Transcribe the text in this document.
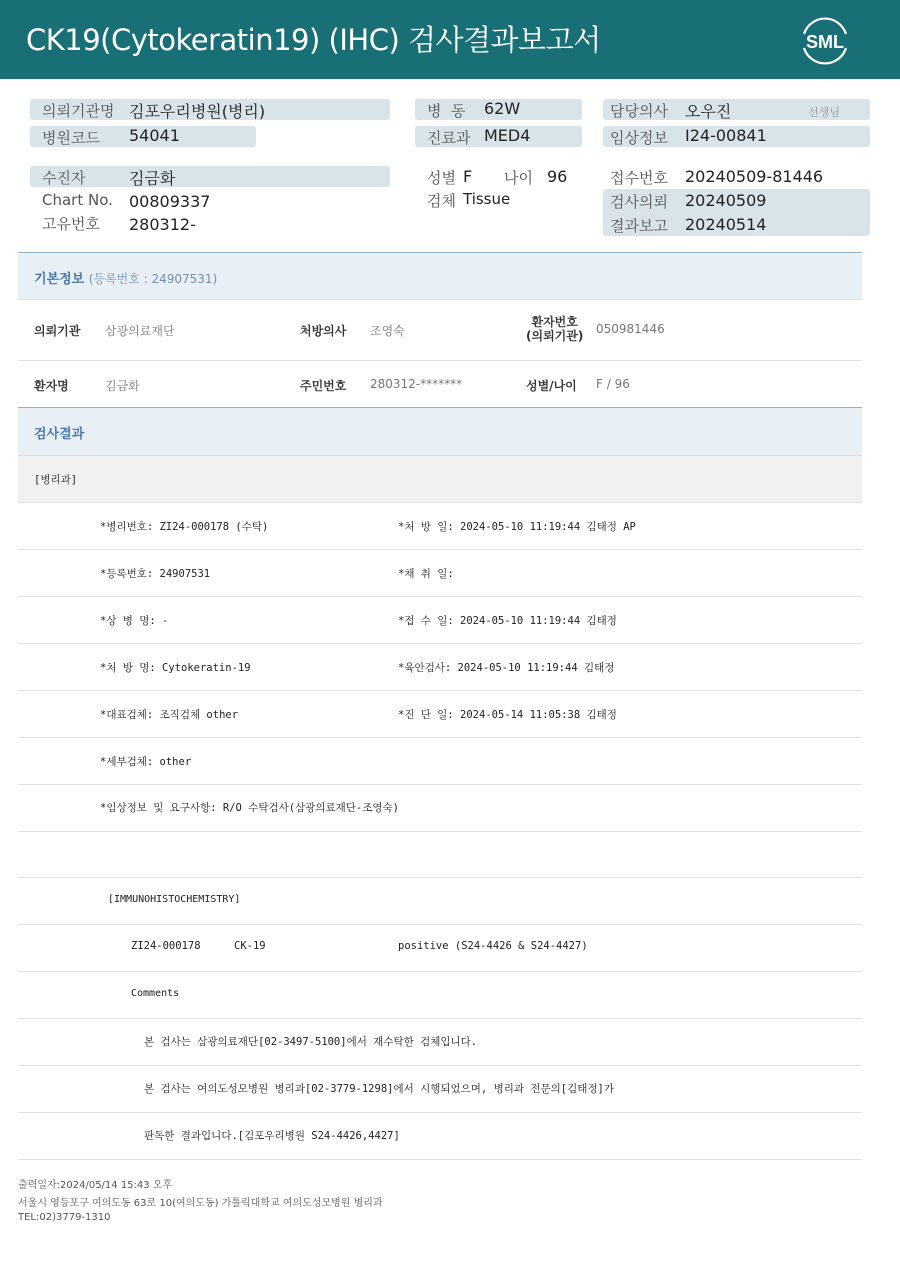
CK19(Cytokeratin19) (IHC) 검사결과보고서	SML
의뢰기관명 김포우리병원(병리)
병원코드 54041
병  동 62W
진료과 MED4
담당의사 오우진	선생님
임상정보 I24-00841
수진자	김금화
Chart No. 00809337
고유번호 280312-
성별 F 나이 96
검체 Tissue
접수번호 20240509-81446
검사의뢰 20240509
결과보고 20240514
기본정보 (등록번호 : 24907531)
의뢰기관 삼광의료재단	처방의사 조영숙
환자번호
(의뢰기관) 050981446
환자명	김금화	주민번호 280312-*******	성별/나이 F / 96
검사결과
[병리과]
*병리번호: ZI24-000178 (수탁)	*처 방 일: 2024-05-10 11:19:44 김태정 AP
*등록번호: 24907531	*채 취 일:
*상 병 명: -	*접 수 일: 2024-05-10 11:19:44 김태정
*처 방 명: Cytokeratin-19	*육안검사: 2024-05-10 11:19:44 김태정
*대표검체: 조직검체 other	*진 단 일: 2024-05-14 11:05:38 김태정
*세부검체: other
*임상정보 및 요구사항: R/O 수탁검사(삼광의료재단-조영숙)
[IMMUNOHISTOCHEMISTRY]
ZI24-000178	CK-19	positive (S24-4426 & S24-4427)
Comments
본 검사는 삼광의료재단[02-3497-5100]에서 재수탁한 검체입니다.
본 검사는 여의도성모병원 병리과[02-3779-1298]에서 시행되었으며, 병리과 전문의[김태정]가
판독한 결과입니다.[김포우리병원 S24-4426,4427]
출력일자:2024/05/14 15:43 오후
서울시 영등포구 여의도동 63로 10(여의도동) 가톨릭대학교 여의도성모병원 병리과
TEL:02)3779-1310
